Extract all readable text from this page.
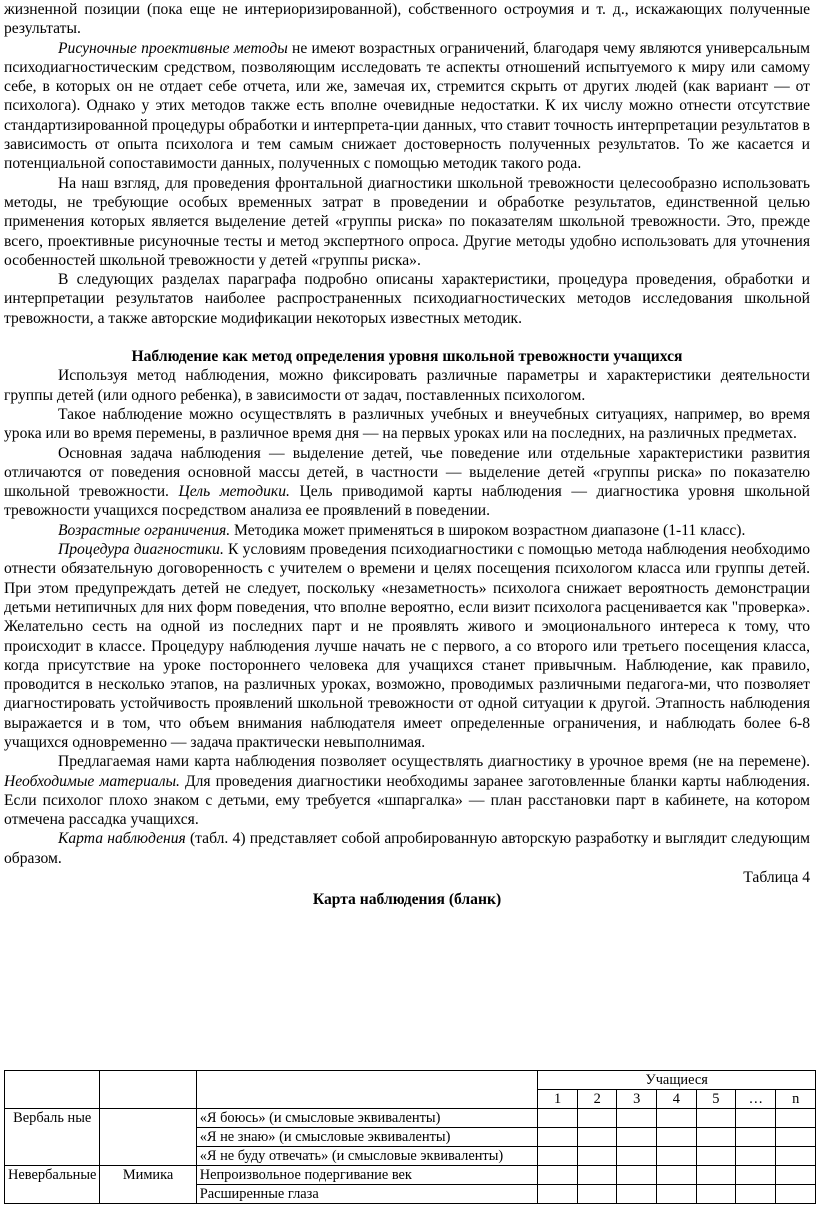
жизненной позиции (пока еще не интериоризированной), собственного остроумия и т. д., искажающих полученные результаты.

Рисуночные проективные методы не имеют возрастных ограничений, благодаря чему являются универсальным психодиагностическим средством, позволяющим исследовать те аспекты отношений испытуемого к миру или самому себе, в которых он не отдает себе отчета, или же, замечая их, стремится скрыть от других людей (как вариант — от психолога). Однако у этих методов также есть вполне очевидные недостатки. К их числу можно отнести отсутствие стандартизированной процедуры обработки и интерпрета-ции данных, что ставит точность интерпретации результатов в зависимость от опыта психолога и тем самым снижает достоверность полученных результатов. То же касается и потенциальной сопоставимости данных, полученных с помощью методик такого рода.

На наш взгляд, для проведения фронтальной диагностики школьной тревожности целесообразно использовать методы, не требующие особых временных затрат в проведении и обработке результатов, единственной целью применения которых является выделение детей «группы риска» по показателям школьной тревожности. Это, прежде всего, проективные рисуночные тесты и метод экспертного опроса. Другие методы удобно использовать для уточнения особенностей школьной тревожности у детей «группы риска».

В следующих разделах параграфа подробно описаны характеристики, процедура проведения, обработки и интерпретации результатов наиболее распространенных психодиагностических методов исследования школьной тревожности, а также авторские модификации некоторых известных методик.

Наблюдение как метод определения уровня школьной тревожности учащихся

Используя метод наблюдения, можно фиксировать различные параметры и характеристики деятельности группы детей (или одного ребенка), в зависимости от задач, поставленных психологом.

Такое наблюдение можно осуществлять в различных учебных и внеучебных ситуациях, например, во время урока или во время перемены, в различное время дня — на первых уроках или на последних, на различных предметах.

Основная задача наблюдения — выделение детей, чье поведение или отдельные характеристики развития отличаются от поведения основной массы детей, в частности — выделение детей «группы риска» по показателю школьной тревожности. Цель методики. Цель приводимой карты наблюдения — диагностика уровня школьной тревожности учащихся посредством анализа ее проявлений в поведении.

Возрастные ограничения. Методика может применяться в широком возрастном диапазоне (1-11 класс).

Процедура диагностики. К условиям проведения психодиагностики с помощью метода наблюдения необходимо отнести обязательную договоренность с учителем о времени и целях посещения психологом класса или группы детей. При этом предупреждать детей не следует, поскольку «незаметность» психолога снижает вероятность демонстрации детьми нетипичных для них форм поведения, что вполне вероятно, если визит психолога расценивается как "проверка». Желательно сесть на одной из последних парт и не проявлять живого и эмоционального интереса к тому, что происходит в классе. Процедуру наблюдения лучше начать не с первого, а со второго или третьего посещения класса, когда присутствие на уроке постороннего человека для учащихся станет привычным. Наблюдение, как правило, проводится в несколько этапов, на различных уроках, возможно, проводимых различными педагога-ми, что позволяет диагностировать устойчивость проявлений школьной тревожности от одной ситуации к другой. Этапность наблюдения выражается и в том, что объем внимания наблюдателя имеет определенные ограничения, и наблюдать более 6-8 учащихся одновременно — задача практически невыполнимая.

Предлагаемая нами карта наблюдения позволяет осуществлять диагностику в урочное время (не на перемене). Необходимые материалы. Для проведения диагностики необходимы заранее заготовленные бланки карты наблюдения. Если психолог плохо знаком с детьми, ему требуется «шпаргалка» — план расстановки парт в кабинете, на котором отмечена рассадка учащихся.

Карта наблюдения (табл. 4) представляет собой апробированную авторскую разработку и выглядит следующим образом.

Таблица 4
Карта наблюдения (бланк)
			Учащиеся						
			1	2	3	4	5	…	n
Вербаль ные		«Я боюсь» (и смысловые эквиваленты)							
		«Я не знаю» (и смысловые эквиваленты)							
		«Я не буду отвечать» (и смысловые эквиваленты)							
Невербальные	Мимика	Непроизвольное подергивание век							
		Расширенные глаза							
